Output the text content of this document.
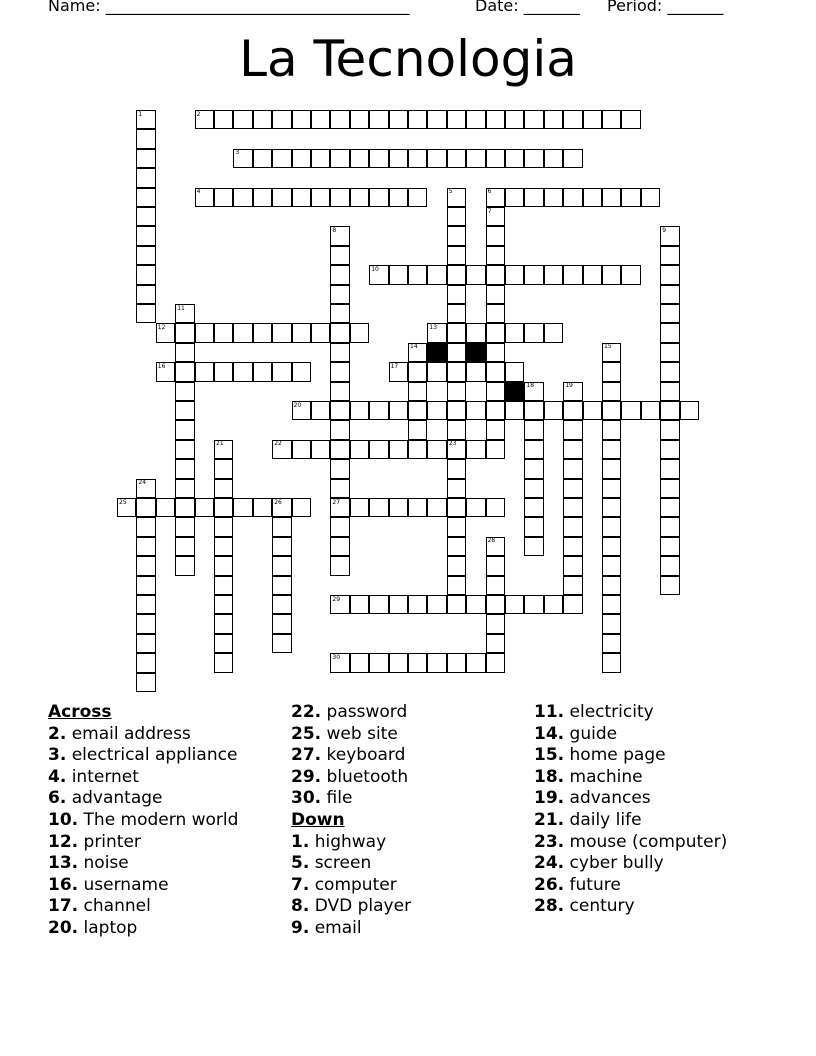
Name: ______________________________________	Date: _______ Period: _______
La Tecnologia
1	2
3
4	5	6
7
8	9
10
11
12	13
14	15
16	17
18	19
20
21	22	23
24
25	26	27
28
29
30
Across
2. email address
3. electrical appliance
4. internet
6. advantage
10. The modern world
12. printer
13. noise
16. username
17. channel
20. laptop
22. password
25. web site
27. keyboard
29. bluetooth
30. file
Down
1. highway
5. screen
7. computer
8. DVD player
9. email
11. electricity
14. guide
15. home page
18. machine
19. advances
21. daily life
23. mouse (computer)
24. cyber bully
26. future
28. century
